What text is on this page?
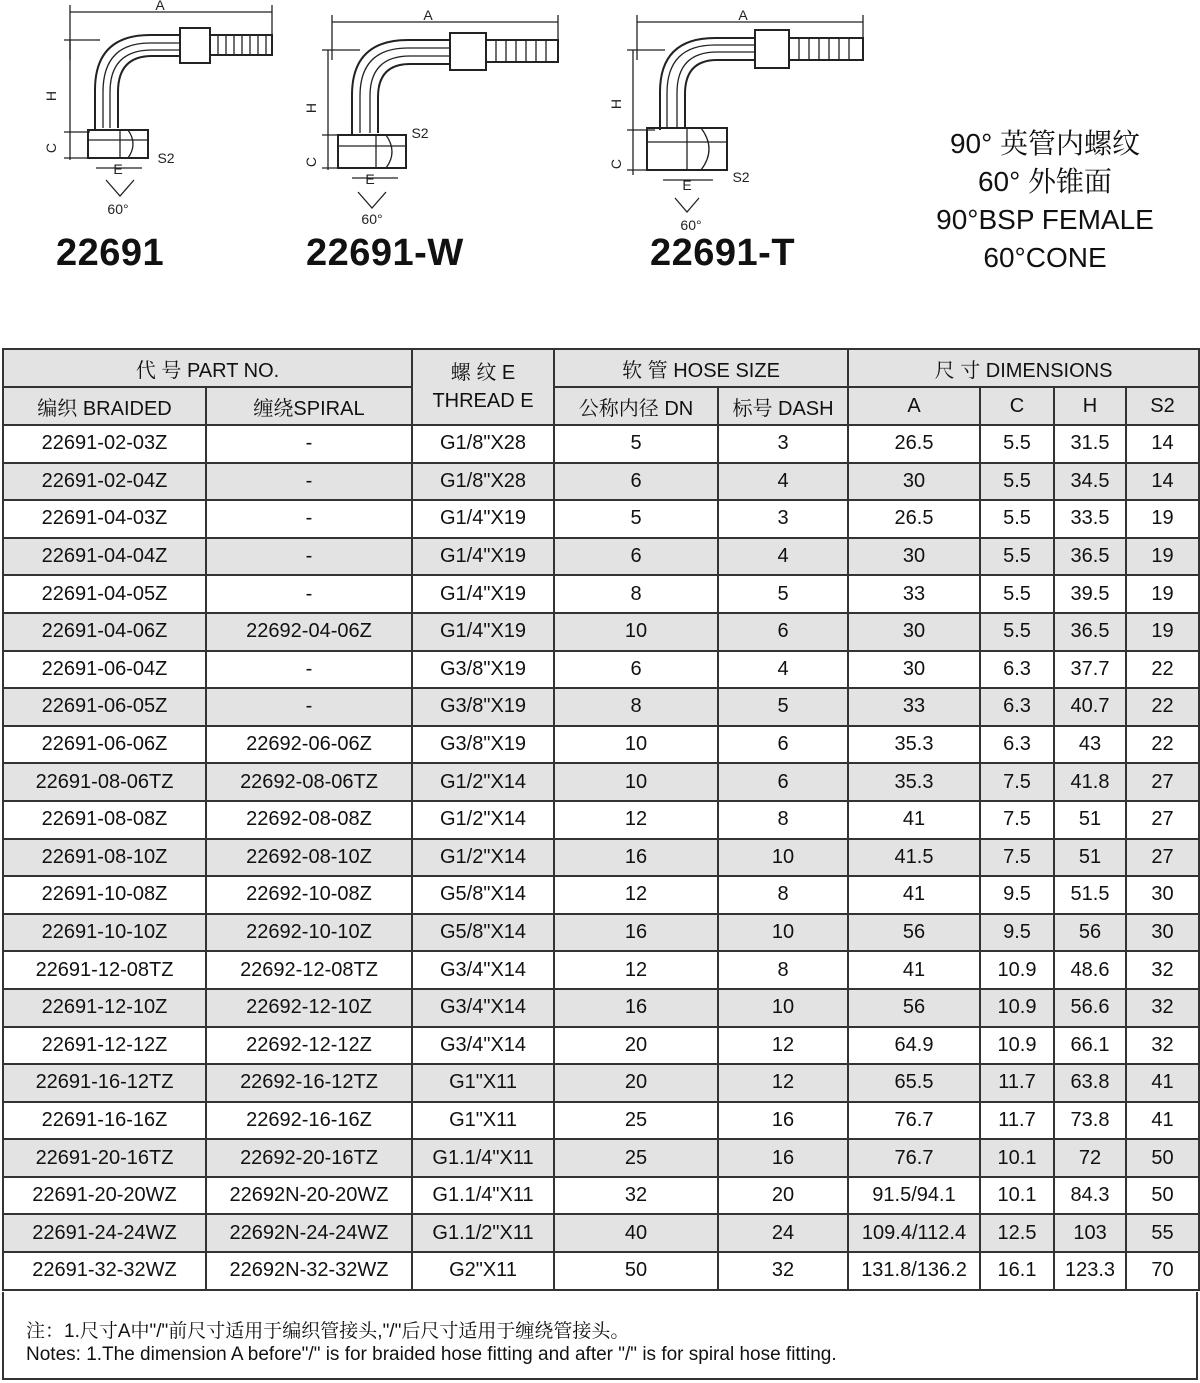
A
H
C
E
S2
60°
A
H
C
E
S2
60°
A
H
C
E	S2
60°
22691	22691-W	22691-T
90° 英管内螺纹
60° 外锥面
90°BSP FEMALE
60°CONE
代 号 PART NO.		螺 纹 E
THREAD E	软 管 HOSE SIZE		尺 寸 DIMENSIONS			
编织 BRAIDED	缠绕SPIRAL		公称内径 DN	标号 DASH	A	C	H	S2
22691-02-03Z	-	G1/8"X28	5	3	26.5	5.5	31.5	14
22691-02-04Z	-	G1/8"X28	6	4	30	5.5	34.5	14
22691-04-03Z	-	G1/4"X19	5	3	26.5	5.5	33.5	19
22691-04-04Z	-	G1/4"X19	6	4	30	5.5	36.5	19
22691-04-05Z	-	G1/4"X19	8	5	33	5.5	39.5	19
22691-04-06Z	22692-04-06Z	G1/4"X19	10	6	30	5.5	36.5	19
22691-06-04Z	-	G3/8"X19	6	4	30	6.3	37.7	22
22691-06-05Z	-	G3/8"X19	8	5	33	6.3	40.7	22
22691-06-06Z	22692-06-06Z	G3/8"X19	10	6	35.3	6.3	43	22
22691-08-06TZ	22692-08-06TZ	G1/2"X14	10	6	35.3	7.5	41.8	27
22691-08-08Z	22692-08-08Z	G1/2"X14	12	8	41	7.5	51	27
22691-08-10Z	22692-08-10Z	G1/2"X14	16	10	41.5	7.5	51	27
22691-10-08Z	22692-10-08Z	G5/8"X14	12	8	41	9.5	51.5	30
22691-10-10Z	22692-10-10Z	G5/8"X14	16	10	56	9.5	56	30
22691-12-08TZ	22692-12-08TZ	G3/4"X14	12	8	41	10.9	48.6	32
22691-12-10Z	22692-12-10Z	G3/4"X14	16	10	56	10.9	56.6	32
22691-12-12Z	22692-12-12Z	G3/4"X14	20	12	64.9	10.9	66.1	32
22691-16-12TZ	22692-16-12TZ	G1"X11	20	12	65.5	11.7	63.8	41
22691-16-16Z	22692-16-16Z	G1"X11	25	16	76.7	11.7	73.8	41
22691-20-16TZ	22692-20-16TZ	G1.1/4"X11	25	16	76.7	10.1	72	50
22691-20-20WZ	22692N-20-20WZ	G1.1/4"X11	32	20	91.5/94.1	10.1	84.3	50
22691-24-24WZ	22692N-24-24WZ	G1.1/2"X11	40	24	109.4/112.4	12.5	103	55
22691-32-32WZ	22692N-32-32WZ	G2"X11	50	32	131.8/136.2	16.1	123.3	70
注：1.尺寸A中"/"前尺寸适用于编织管接头,"/"后尺寸适用于缠绕管接头。
Notes: 1.The dimension A before"/" is for braided hose fitting and after "/" is for spiral hose fitting.
